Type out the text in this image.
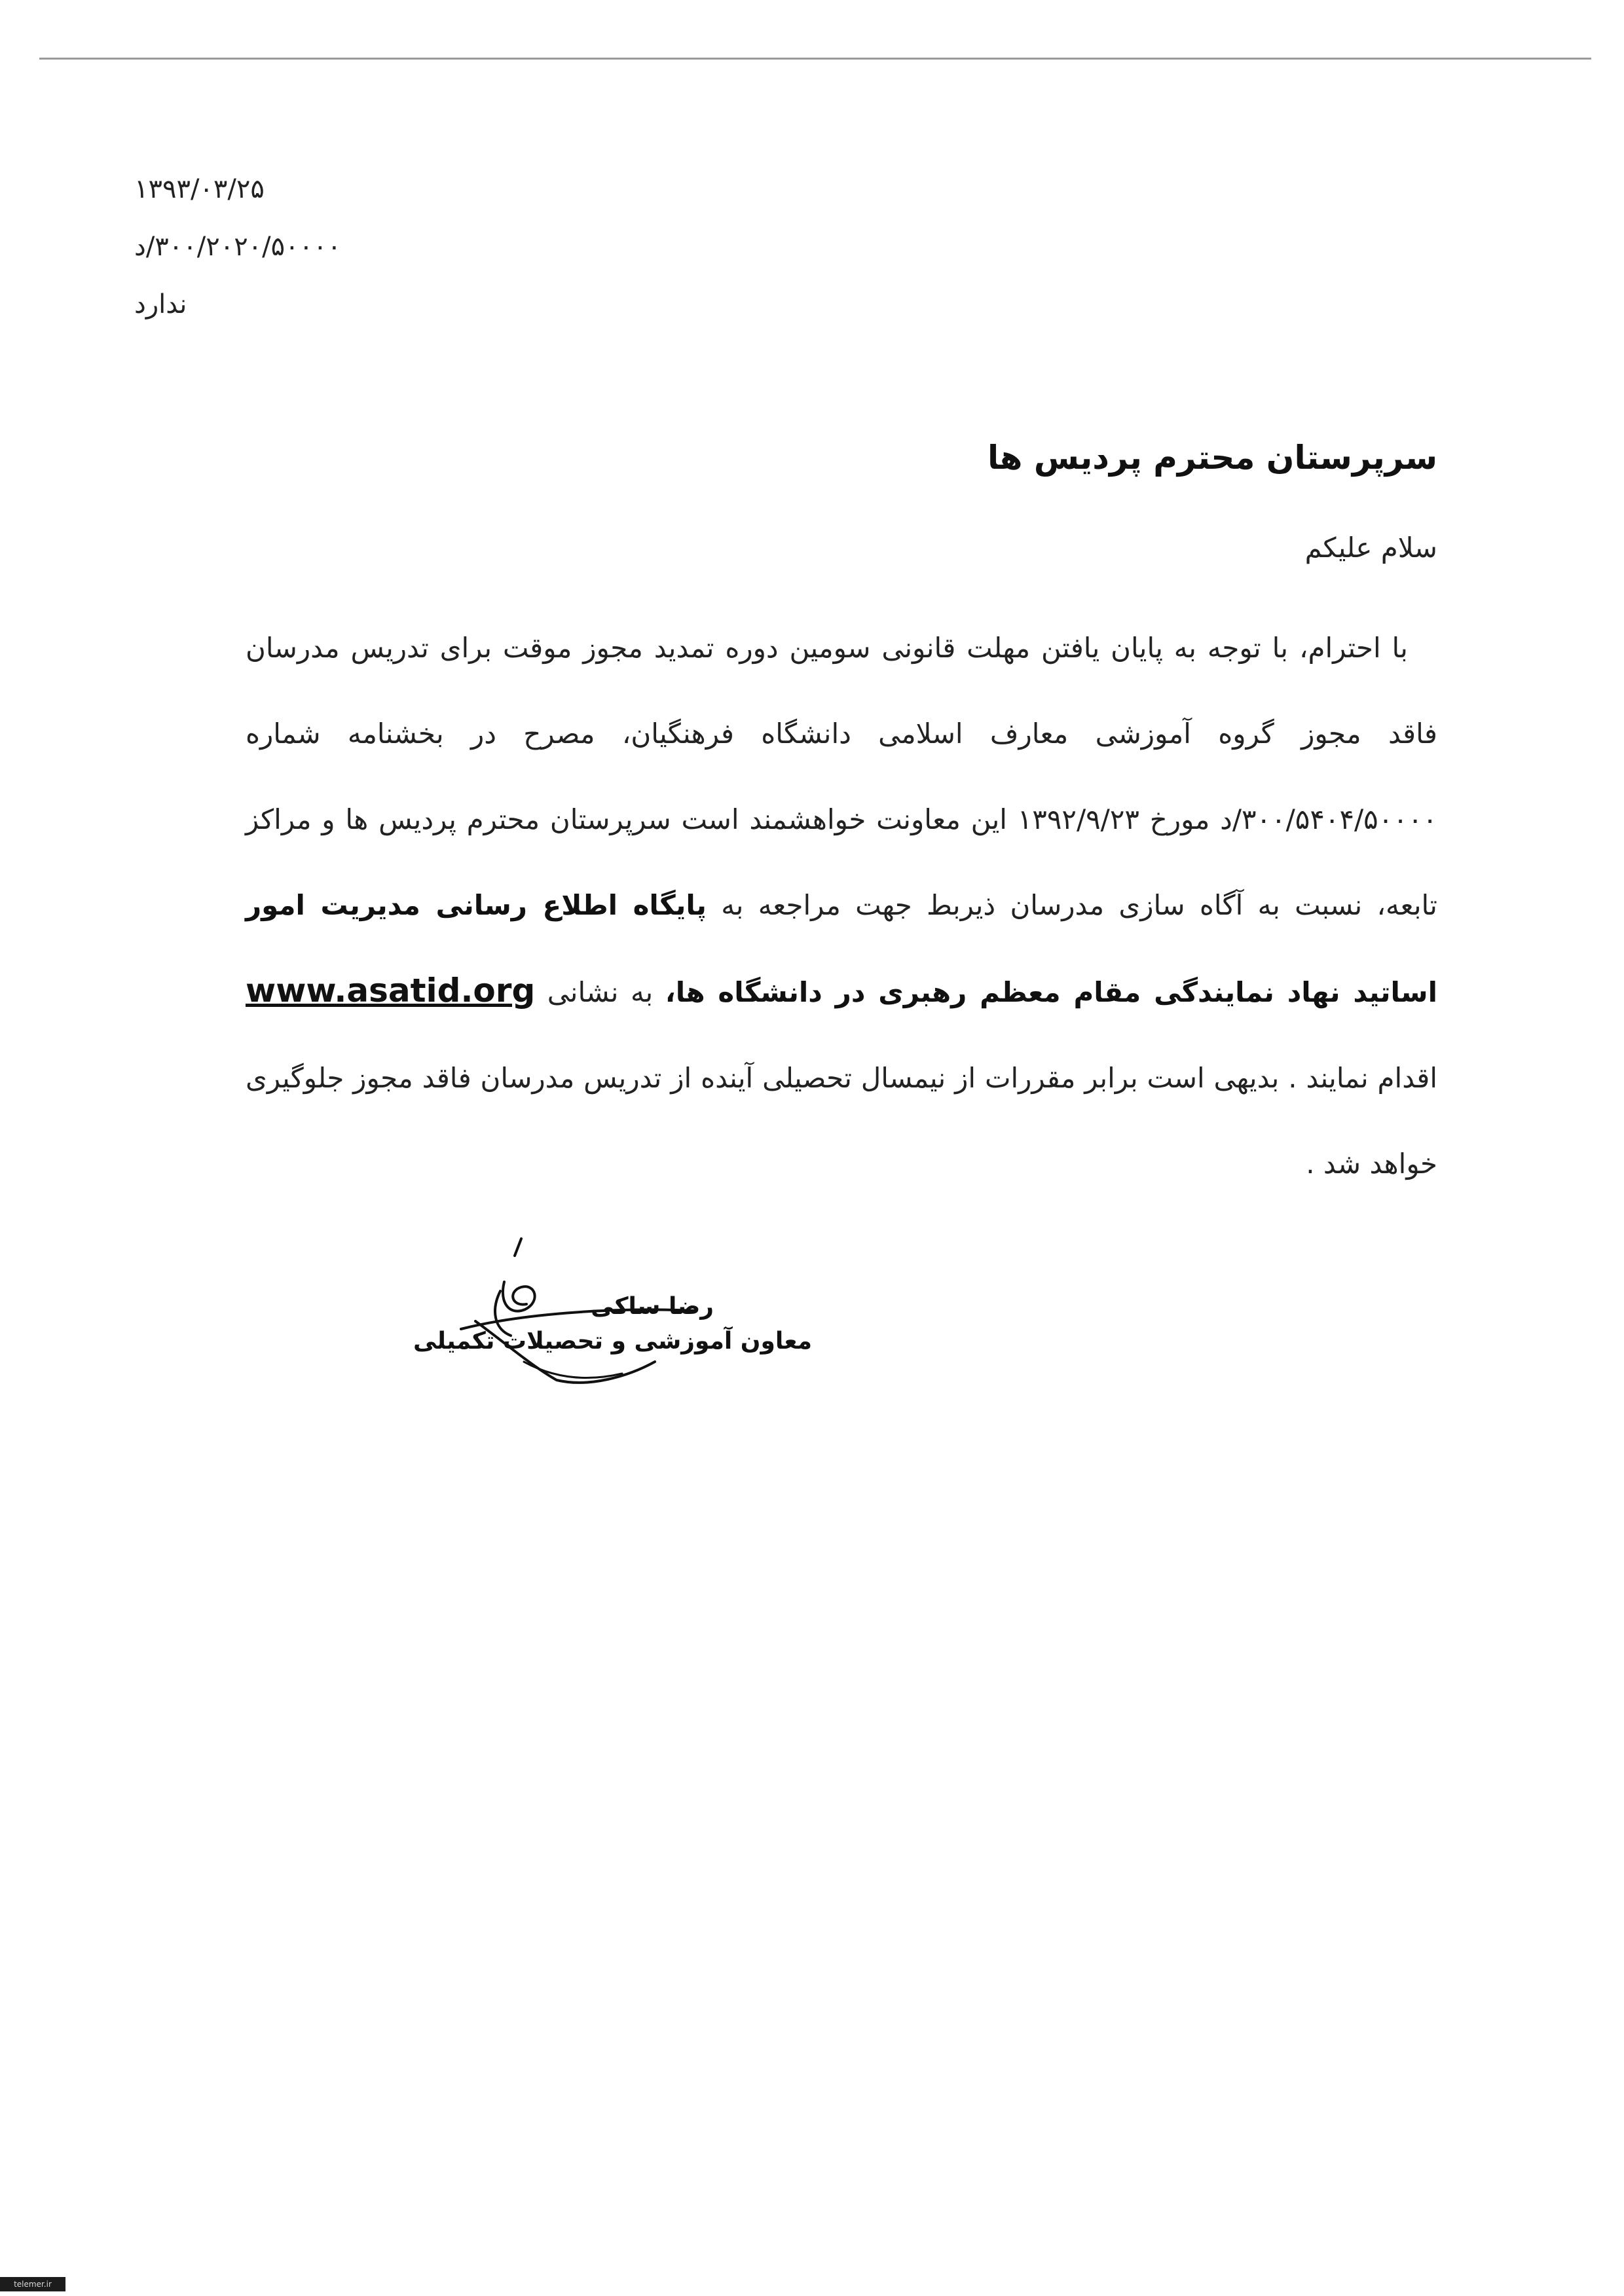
۱۳۹۳/۰۳/۲۵
۳۰۰/۲۰۲۰/۵۰۰۰۰/د
ندارد
سرپرستان محترم پردیس ها
سلام علیکم
با احترام، با توجه به پایان یافتن مهلت قانونی سومین دوره تمدید مجوز موقت برای تدریس مدرسان فاقد مجوز گروه آموزشی معارف اسلامی دانشگاه فرهنگیان، مصرح در بخشنامه شماره ۳۰۰/۵۴۰۴/۵۰۰۰۰/د مورخ ۱۳۹۲/۹/۲۳ این معاونت خواهشمند است سرپرستان محترم پردیس ها و مراکز تابعه، نسبت به آگاه سازی مدرسان ذیربط جهت مراجعه به پایگاه اطلاع رسانی مدیریت امور اساتید نهاد نمایندگی مقام معظم رهبری در دانشگاه ها، به نشانی www.asatid.org اقدام نمایند . بدیهی است برابر مقررات از نیمسال تحصیلی آینده از تدریس مدرسان فاقد مجوز جلوگیری خواهد شد .
رضا ساکی
معاون آموزشی و تحصیلات تکمیلی
telemer.ir
